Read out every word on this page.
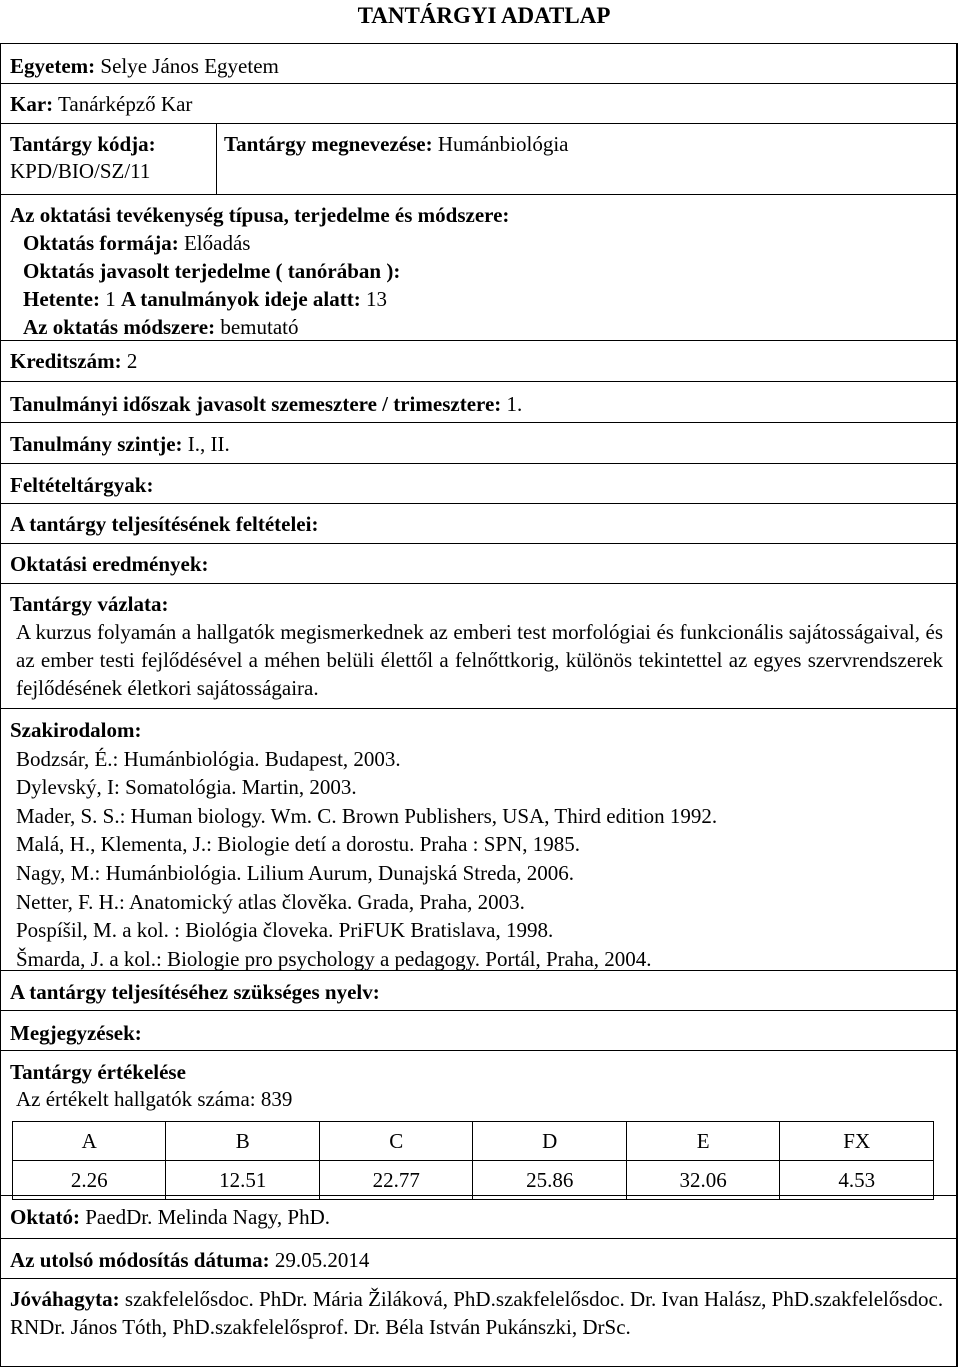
TANTÁRGYI ADATLAP
Egyetem: Selye János Egyetem
Kar: Tanárképző Kar
Tantárgy kódja:
KPD/BIO/SZ/11
Tantárgy megnevezése: Humánbiológia
Az oktatási tevékenység típusa, terjedelme és módszere:
Oktatás formája: Előadás
Oktatás javasolt terjedelme ( tanórában ):
Hetente: 1 A tanulmányok ideje alatt: 13
Az oktatás módszere: bemutató
Kreditszám: 2
Tanulmányi időszak javasolt szemesztere / trimesztere: 1.
Tanulmány szintje: I., II.
Feltételtárgyak:
A tantárgy teljesítésének feltételei:
Oktatási eredmények:
Tantárgy vázlata:
A kurzus folyamán a hallgatók megismerkednek az emberi test morfológiai és funkcionális sajátosságaival, és az ember testi fejlődésével a méhen belüli élettől a felnőttkorig, különös tekintettel az egyes szervrendszerek fejlődésének életkori sajátosságaira.
Szakirodalom:
Bodzsár, É.: Humánbiológia. Budapest, 2003.
Dylevský, I: Somatológia. Martin, 2003.
Mader, S. S.: Human biology. Wm. C. Brown Publishers, USA, Third edition 1992.
Malá, H., Klementa, J.: Biologie detí a dorostu. Praha : SPN, 1985.
Nagy, M.: Humánbiológia. Lilium Aurum, Dunajská Streda, 2006.
Netter, F. H.: Anatomický atlas člověka. Grada, Praha, 2003.
Pospíšil, M. a kol. : Biológia človeka. PriFUK Bratislava, 1998.
Šmarda, J. a kol.: Biologie pro psychology a pedagogy. Portál, Praha, 2004.
A tantárgy teljesítéséhez szükséges nyelv:
Megjegyzések:
Tantárgy értékelése
Az értékelt hallgatók száma: 839
A	B	C	D	E	FX
2.26	12.51	22.77	25.86	32.06	4.53
Oktató: PaedDr. Melinda Nagy, PhD.
Az utolsó módosítás dátuma: 29.05.2014
Jóváhagyta: szakfelelősdoc. PhDr. Mária Žiláková, PhD.szakfelelősdoc. Dr. Ivan Halász, PhD.szakfelelősdoc. RNDr. János Tóth, PhD.szakfelelősprof. Dr. Béla István Pukánszki, DrSc.
